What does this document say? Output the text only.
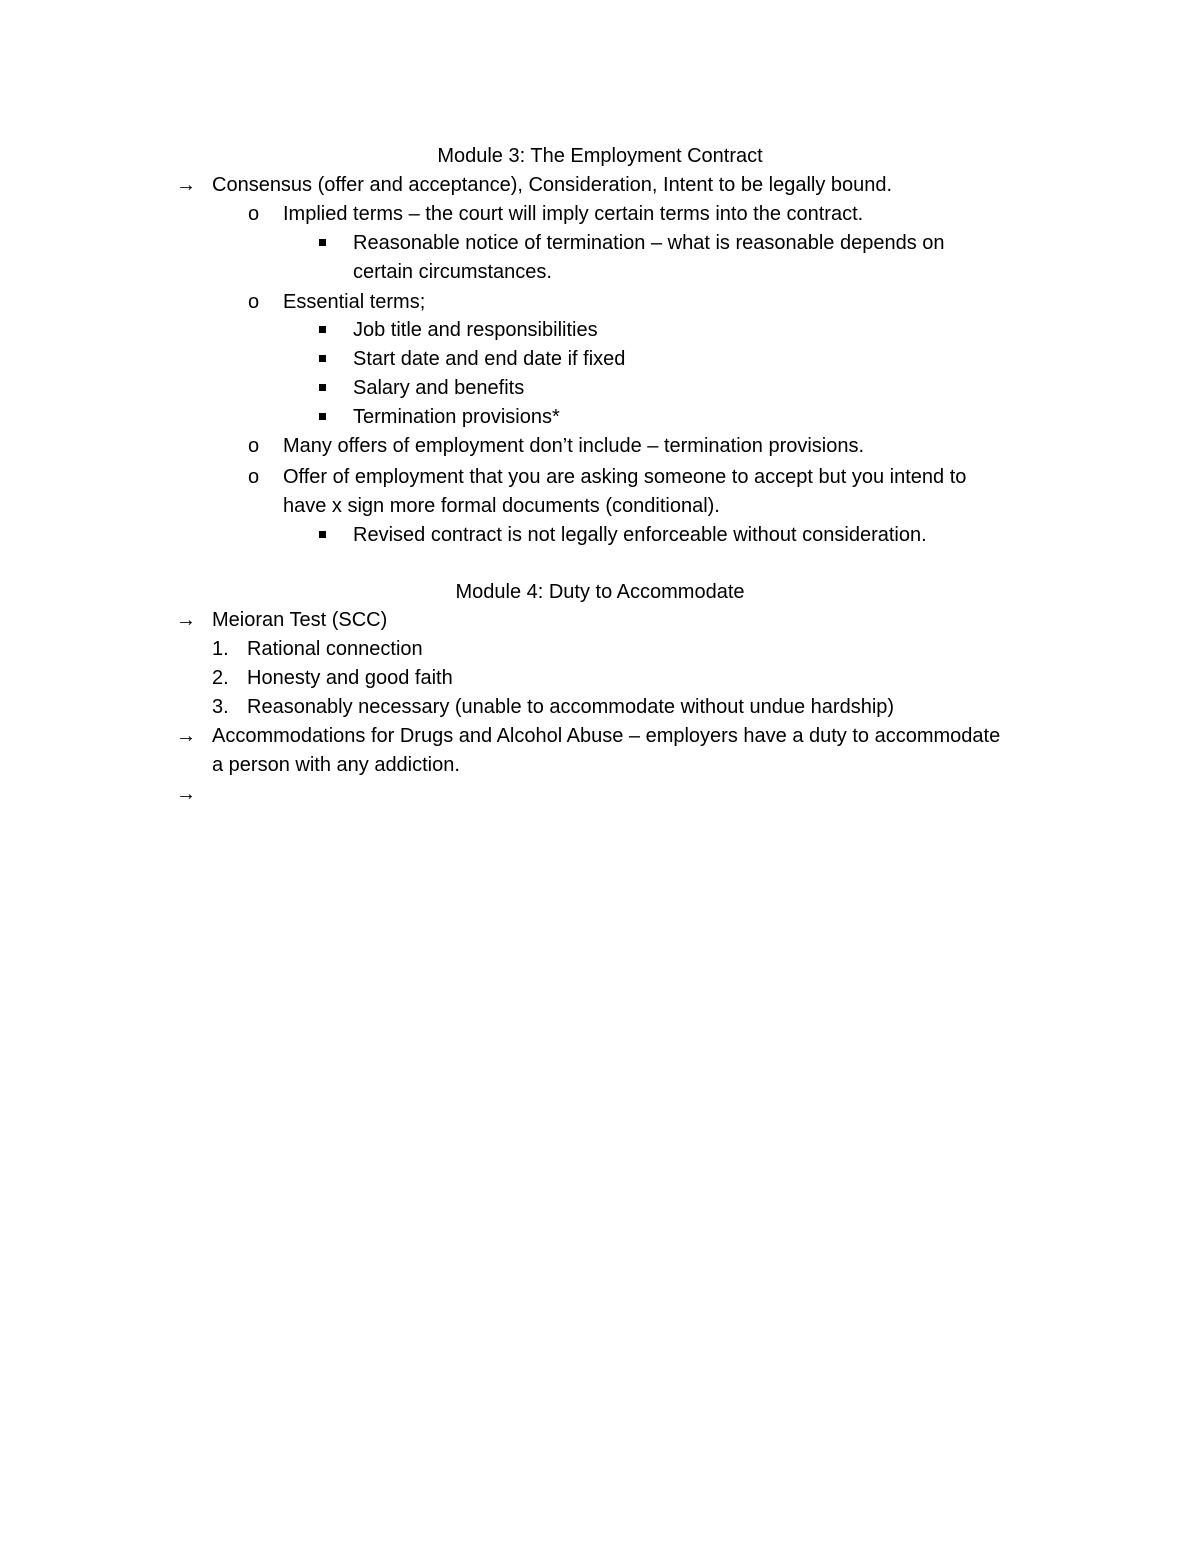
Module 3: The Employment Contract
→ Consensus (offer and acceptance), Consideration, Intent to be legally bound.
o Implied terms – the court will imply certain terms into the contract.
Reasonable notice of termination – what is reasonable depends on
certain circumstances.
o Essential terms;
Job title and responsibilities
Start date and end date if fixed
Salary and benefits
Termination provisions*
o Many offers of employment don’t include – termination provisions.
o Offer of employment that you are asking someone to accept but you intend to
have x sign more formal documents (conditional).
Revised contract is not legally enforceable without consideration.
Module 4: Duty to Accommodate
→ Meioran Test (SCC)
1. Rational connection
2. Honesty and good faith
3. Reasonably necessary (unable to accommodate without undue hardship)
→ Accommodations for Drugs and Alcohol Abuse – employers have a duty to accommodate
a person with any addiction.
→
